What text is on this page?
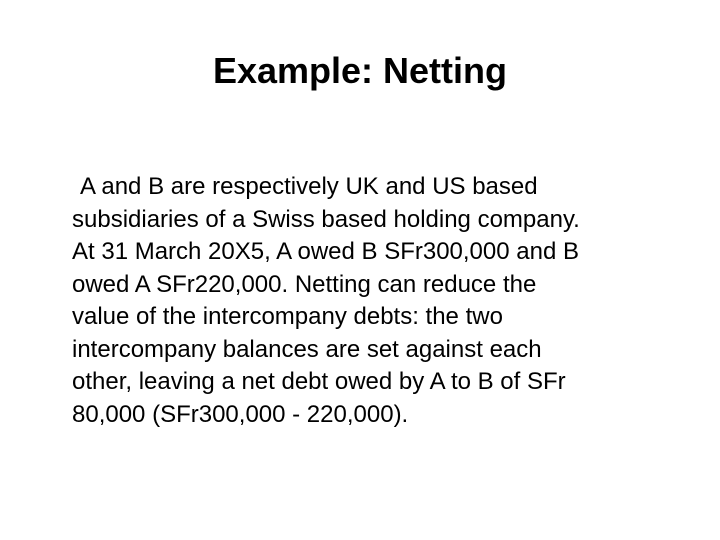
Example: Netting
A and B are respectively UK and US based
subsidiaries of a Swiss based holding company.
At 31 March 20X5, A owed B SFr300,000 and B
owed A SFr220,000. Netting can reduce the
value of the intercompany debts: the two
intercompany balances are set against each
other, leaving a net debt owed by A to B of SFr
80,000 (SFr300,000 - 220,000).
